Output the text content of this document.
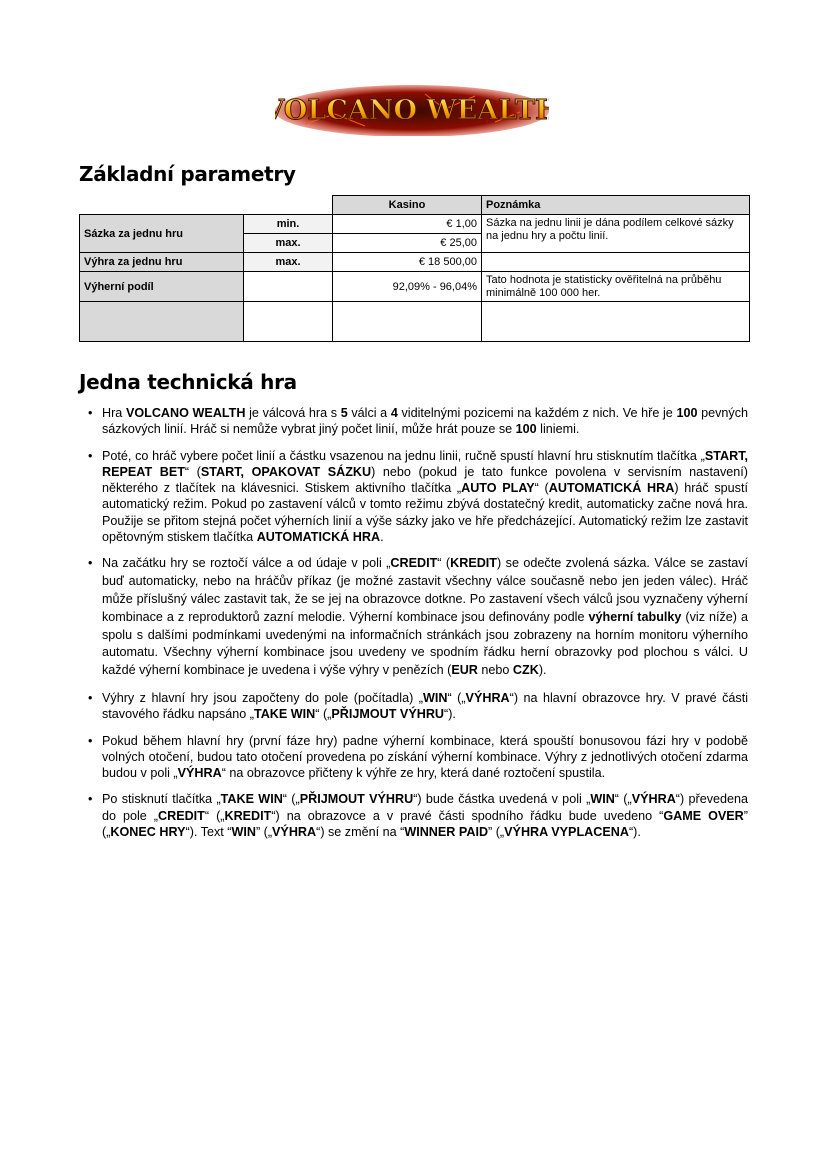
VOLCANO WEALTH
Základní parametry
		Kasino	Poznámka
Sázka za jednu hru	min.	€ 1,00	Sázka na jednu linii je dána podílem celkové sázky na jednu hry a počtu linií.
	max.	€ 25,00	
Výhra za jednu hru	max.	€ 18 500,00	
Výherní podíl		92,09% - 96,04%	Tato hodnota je statisticky ověřitelná na průběhu minimálně 100 000 her.

Jedna technická hra
• Hra VOLCANO WEALTH je válcová hra s 5 válci a 4 viditelnými pozicemi na každém z nich. Ve hře je 100 pevných sázkových linií. Hráč si nemůže vybrat jiný počet linií, může hrát pouze se 100 liniemi.
• Poté, co hráč vybere počet linií a částku vsazenou na jednu linii, ručně spustí hlavní hru stisknutím tlačítka „START, REPEAT BET“ (START, OPAKOVAT SÁZKU) nebo (pokud je tato funkce povolena v servisním nastavení) některého z tlačítek na klávesnici. Stiskem aktivního tlačítka „AUTO PLAY“ (AUTOMATICKÁ HRA) hráč spustí automatický režim. Pokud po zastavení válců v tomto režimu zbývá dostatečný kredit, automaticky začne nová hra. Použije se přitom stejná počet výherních linií a výše sázky jako ve hře předcházející. Automatický režim lze zastavit opětovným stiskem tlačítka AUTOMATICKÁ HRA.
• Na začátku hry se roztočí válce a od údaje v poli „CREDIT“ (KREDIT) se odečte zvolená sázka. Válce se zastaví buď automaticky, nebo na hráčův příkaz (je možné zastavit všechny válce současně nebo jen jeden válec). Hráč může příslušný válec zastavit tak, že se jej na obrazovce dotkne. Po zastavení všech válců jsou vyznačeny výherní kombinace a z reproduktorů zazní melodie. Výherní kombinace jsou definovány podle výherní tabulky (viz níže) a spolu s dalšími podmínkami uvedenými na informačních stránkách jsou zobrazeny na horním monitoru výherního automatu. Všechny výherní kombinace jsou uvedeny ve spodním řádku herní obrazovky pod plochou s válci. U každé výherní kombinace je uvedena i výše výhry v penězích (EUR nebo CZK).
• Výhry z hlavní hry jsou započteny do pole (počítadla) „WIN“ („VÝHRA“) na hlavní obrazovce hry. V pravé části stavového řádku napsáno „TAKE WIN“ („PŘIJMOUT VÝHRU“).
• Pokud během hlavní hry (první fáze hry) padne výherní kombinace, která spouští bonusovou fázi hry v podobě volných otočení, budou tato otočení provedena po získání výherní kombinace. Výhry z jednotlivých otočení zdarma budou v poli „VÝHRA“ na obrazovce přičteny k výhře ze hry, která dané roztočení spustila.
• Po stisknutí tlačítka „TAKE WIN“ („PŘIJMOUT VÝHRU“) bude částka uvedená v poli „WIN“ („VÝHRA“) převedena do pole „CREDIT“ („KREDIT“) na obrazovce a v pravé části spodního řádku bude uvedeno “GAME OVER” („KONEC HRY“). Text “WIN” („VÝHRA“) se změní na “WINNER PAID” („VÝHRA VYPLACENA“).
